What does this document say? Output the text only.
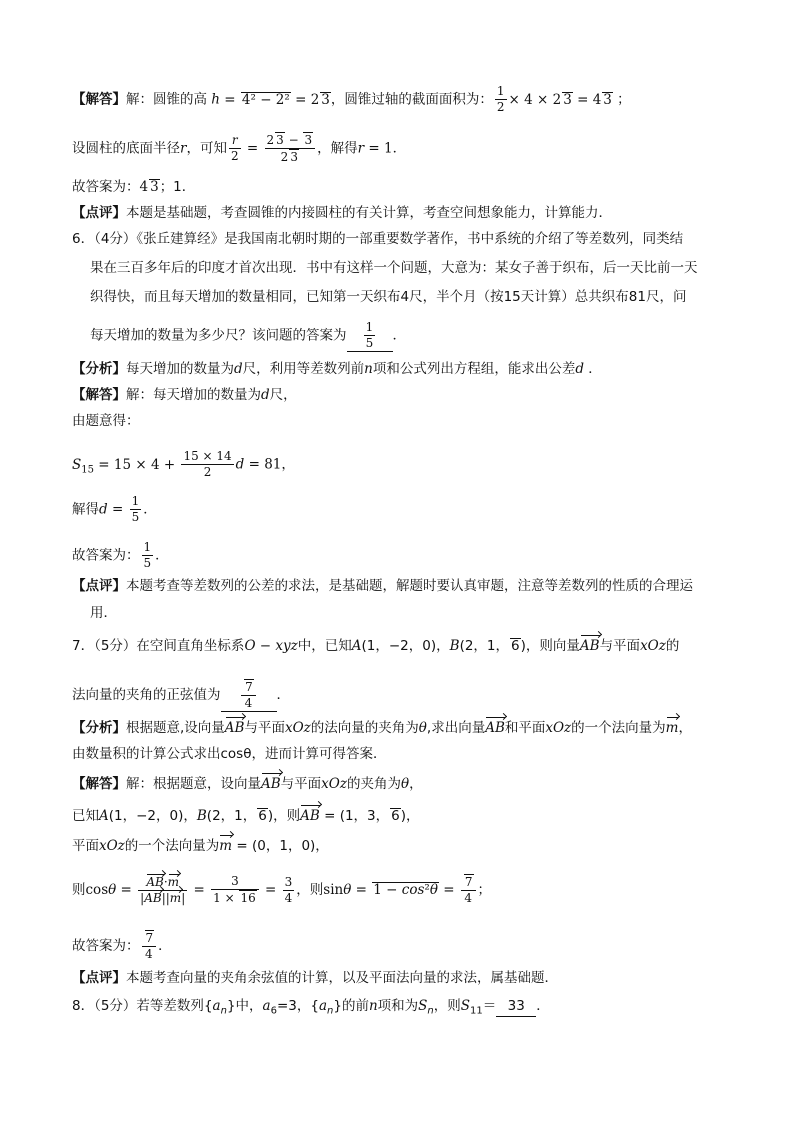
【解答】解：圆锥的高 h = 4² − 2² = 2 3，圆锥过轴的截面面积为： $\frac{1}{2} \times 4 \times 2$ 3 = 4 3 ；
设圆柱的底面半径r，可知 $\frac{r}{2} = \frac{2 3 - 3}{2 3}$ ，解得r = 1．
故答案为：4 3；1．
【点评】本题是基础题，考查圆锥的内接圆柱的有关计算，考查空间想象能力，计算能力．
6．（4分）《张丘建算经》是我国南北朝时期的一部重要数学著作，书中系统的介绍了等差数列，同类结
果在三百多年后的印度才首次出现．书中有这样一个问题，大意为：某女子善于织布，后一天比前一天
织得快，而且每天增加的数量相同，已知第一天织布4尺，半个月（按15天计算）总共织布81尺，问
每天增加的数量为多少尺？该问题的答案为 $\frac{1}{5}$ ．
【分析】每天增加的数量为d尺，利用等差数列前n项和公式列出方程组，能求出公差d ．
【解答】解：每天增加的数量为d尺，
由题意得：
$S_{15} = 15 \times 4 + \frac{15 \times 14}{2}$ d = 81，
解得$d = \frac{1}{5}$ ．
故答案为： $\frac{1}{5}$ ．
【点评】本题考查等差数列的公差的求法，是基础题，解题时要认真审题，注意等差数列的性质的合理运
用．
7．（5分）在空间直角坐标系O − xyz中，已知A(1，−2，0)，B(2，1， 6)，则向量AB与平面xOz的
法向量的夹角的正弦值为 $\frac{7}{4}$ ．
【分析】根据题意,设向量AB与平面xOz的法向量的夹角为θ,求出向量AB和平面xOz的一个法向量为m，
由数量积的计算公式求出cosθ，进而计算可得答案．
【解答】解：根据题意，设向量AB与平面xOz的夹角为θ，
已知A(1，−2，0)，B(2，1， 6)，则AB = (1，3， 6)，
平面xOz的一个法向量为m = (0，1，0)，
则$\cos\theta = \frac{AB\cdot m}{|AB||m|} = \frac{3}{1 \times 16} = \frac{3}{4}$ ，则$\sin\theta = 1 - \cos^2\theta = \frac{7}{4}$ ；
故答案为： $\frac{7}{4}$ ．
【点评】本题考查向量的夹角余弦值的计算，以及平面法向量的求法，属基础题．
8．（5分）若等差数列$\{a_n\}$中，$a_6=3$，$\{a_n\}$的前n项和为$S_n$，则$S_{11}= 33$ ．
